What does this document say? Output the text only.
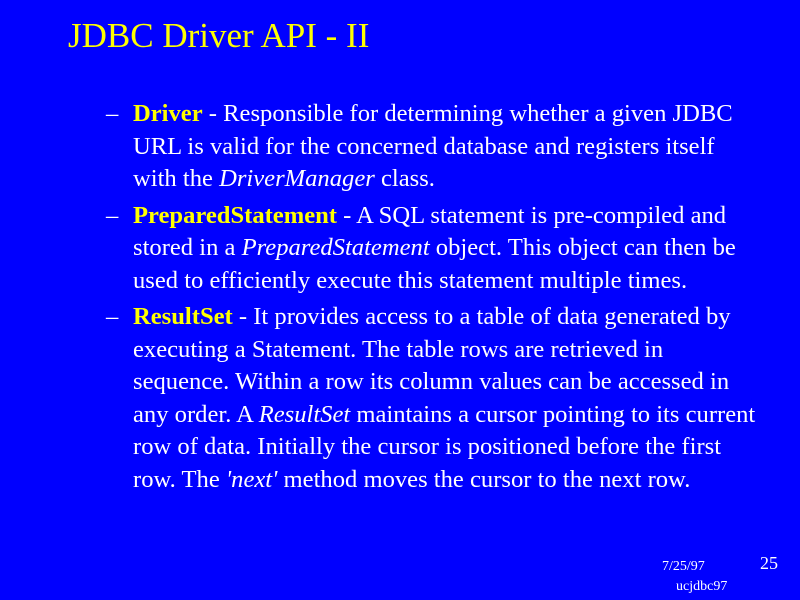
JDBC Driver API - II
– Driver - Responsible for determining whether a given JDBC URL is valid for the concerned database and registers itself with the DriverManager class.
– PreparedStatement - A SQL statement is pre-compiled and stored in a PreparedStatement object. This object can then be used to efficiently execute this statement multiple times.
– ResultSet - It provides access to a table of data generated by executing a Statement. The table rows are retrieved in sequence. Within a row its column values can be accessed in any order. A ResultSet maintains a cursor pointing to its current row of data. Initially the cursor is positioned before the first row. The 'next' method moves the cursor to the next row.
7/25/97
ucjdbc97
25
